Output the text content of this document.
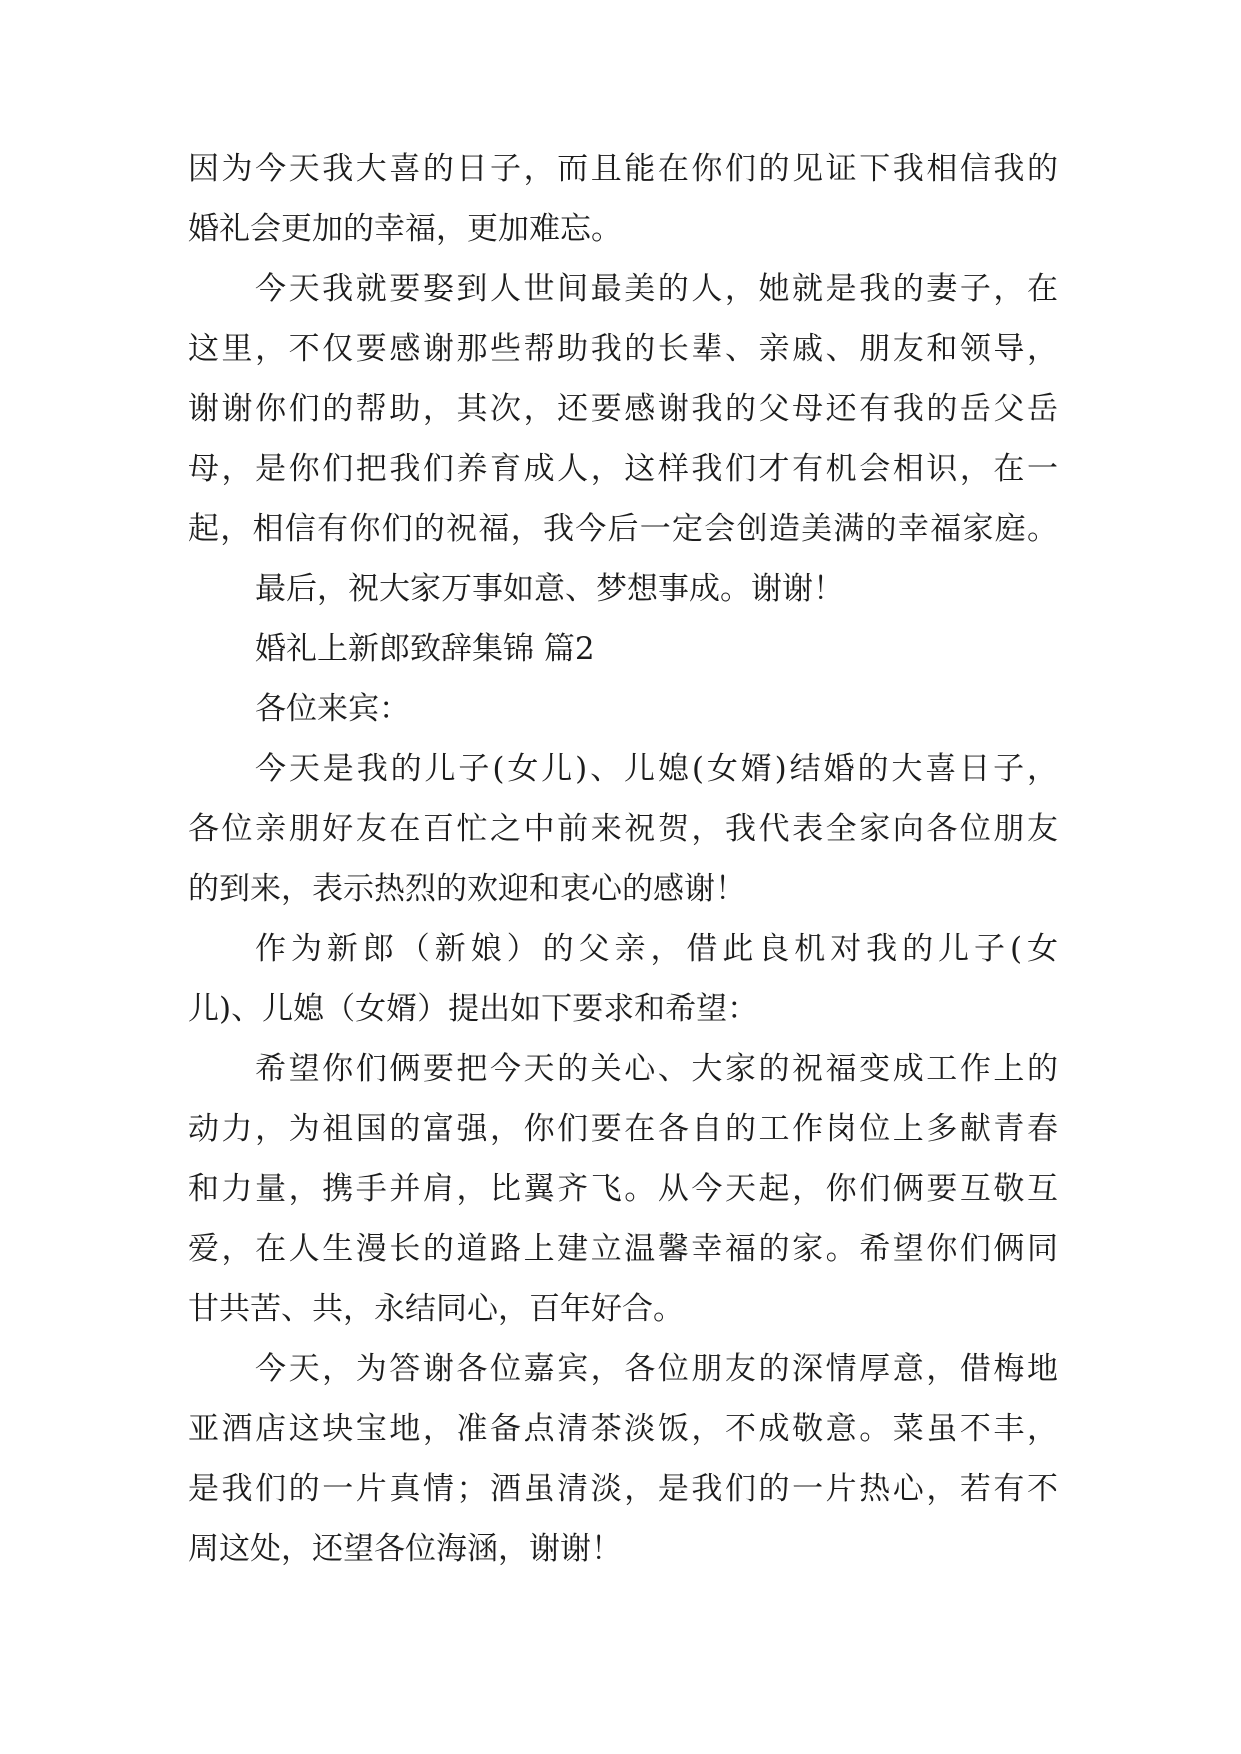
因为今天我大喜的日子，而且能在你们的见证下我相信我的
婚礼会更加的幸福，更加难忘。
今天我就要娶到人世间最美的人，她就是我的妻子，在
这里，不仅要感谢那些帮助我的长辈、亲戚、朋友和领导，
谢谢你们的帮助，其次，还要感谢我的父母还有我的岳父岳
母，是你们把我们养育成人，这样我们才有机会相识，在一
起，相信有你们的祝福，我今后一定会创造美满的幸福家庭。
最后，祝大家万事如意、梦想事成。谢谢！
婚礼上新郎致辞集锦 篇2
各位来宾：
今天是我的儿子(女儿)、儿媳(女婿)结婚的大喜日子，
各位亲朋好友在百忙之中前来祝贺，我代表全家向各位朋友
的到来，表示热烈的欢迎和衷心的感谢！
作为新郎（新娘）的父亲，借此良机对我的儿子(女
儿)、儿媳（女婿）提出如下要求和希望：
希望你们俩要把今天的关心、大家的祝福变成工作上的
动力，为祖国的富强，你们要在各自的工作岗位上多献青春
和力量，携手并肩，比翼齐飞。从今天起，你们俩要互敬互
爱，在人生漫长的道路上建立温馨幸福的家。希望你们俩同
甘共苦、共，永结同心，百年好合。
今天，为答谢各位嘉宾，各位朋友的深情厚意，借梅地
亚酒店这块宝地，准备点清茶淡饭，不成敬意。菜虽不丰，
是我们的一片真情；酒虽清淡，是我们的一片热心，若有不
周这处，还望各位海涵，谢谢！
